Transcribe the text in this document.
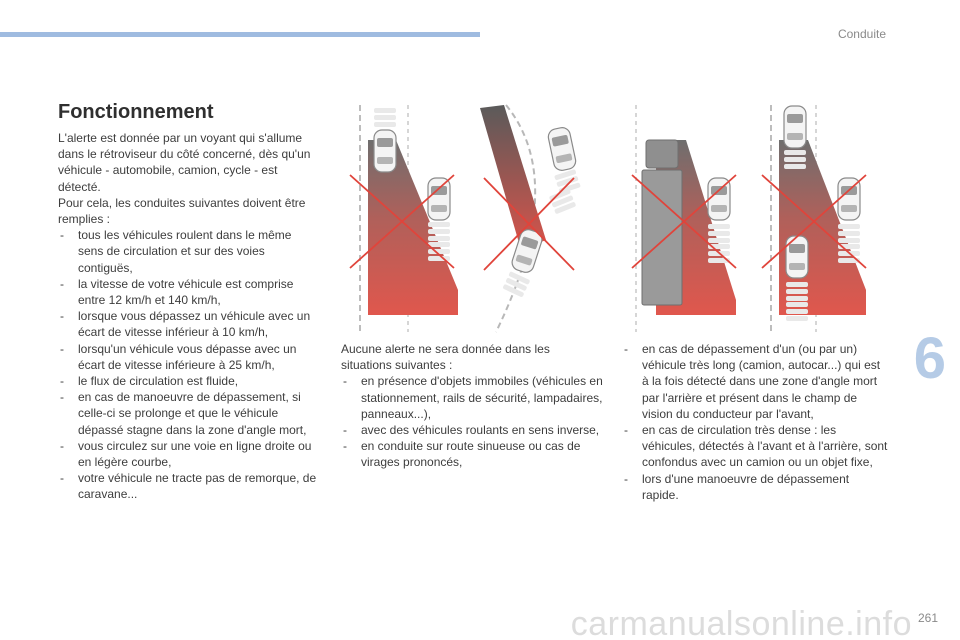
Conduite
6
carmanualsonline.info 261
Fonctionnement

L'alerte est donnée par un voyant qui s'allume dans le rétroviseur du côté concerné, dès qu'un véhicule - automobile, camion, cycle - est détecté.

Pour cela, les conduites suivantes doivent être remplies :

- tous les véhicules roulent dans le même sens de circulation et sur des voies contiguës,
- la vitesse de votre véhicule est comprise entre 12 km/h et 140 km/h,
- lorsque vous dépassez un véhicule avec un écart de vitesse inférieur à 10 km/h,
- lorsqu'un véhicule vous dépasse avec un écart de vitesse inférieure à 25 km/h,
- le flux de circulation est fluide,
- en cas de manoeuvre de dépassement, si celle-ci se prolonge et que le véhicule dépassé stagne dans la zone d'angle mort,
- vous circulez sur une voie en ligne droite ou en légère courbe,
- votre véhicule ne tracte pas de remorque, de caravane...

Aucune alerte ne sera donnée dans les situations suivantes :

- en présence d'objets immobiles (véhicules en stationnement, rails de sécurité, lampadaires, panneaux...),
- avec des véhicules roulants en sens inverse,
- en conduite sur route sinueuse ou cas de virages prononcés,
- en cas de dépassement d'un (ou par un) véhicule très long (camion, autocar...) qui est à la fois détecté dans une zone d'angle mort par l'arrière et présent dans le champ de vision du conducteur par l'avant,
- en cas de circulation très dense : les véhicules, détectés à l'avant et à l'arrière, sont confondus avec un camion ou un objet fixe,
- lors d'une manoeuvre de dépassement rapide.
